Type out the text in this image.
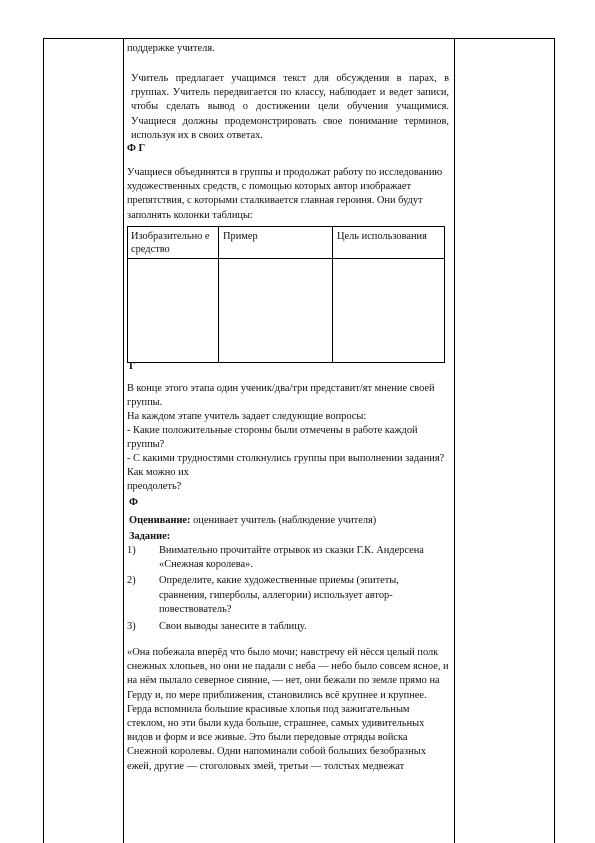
поддержке учителя.

Учитель предлагает учащимся текст для обсуждения в парах, в группах. Учитель передвигается по классу, наблюдает и ведет записи, чтобы сделать вывод о достижении цели обучения учащимися. Учащиеся должны продемонстрировать свое понимание терминов, используя их в своих ответах.

Ф Г

Учащиеся объединятся в группы и продолжат работу по исследованию художественных средств, с помощью которых автор изображает препятствия, с которыми сталкивается главная героиня. Они будут заполнять колонки таблицы:

Изобразительно е средство
Пример	Цель использования

Г

В конце этого этапа один ученик/два/три представит/ят мнение своей группы.

На каждом этапе учитель задает следующие вопросы:

- Какие положительные стороны были отмечены в работе каждой группы?

- С какими трудностями столкнулись группы при выполнении задания? Как можно их

преодолеть?

Ф

Оценивание: оценивает учитель (наблюдение учителя)

Задание:

1) Внимательно прочитайте отрывок из сказки Г.К. Андерсена «Снежная королева».
2) Определите, какие художественные приемы (эпитеты, сравнения, гиперболы, аллегории) использует автор-повествователь?
3) Свои выводы занесите в таблицу.

«Она побежала вперёд что было мочи; навстречу ей нёсся целый полк снежных хлопьев, но они не падали с неба — небо было совсем ясное, и на нём пылало северное сияние, — нет, они бежали по земле прямо на Герду и, по мере приближения, становились всё крупнее и крупнее. Герда вспомнила большие красивые хлопья под зажигательным стеклом, но эти были куда больше, страшнее, самых удивительных видов и форм и все живые. Это были передовые отряды войска Снежной королевы. Одни напоминали собой больших безобразных ежей, другие — стоголовых змей, третьи — толстых медвежат
